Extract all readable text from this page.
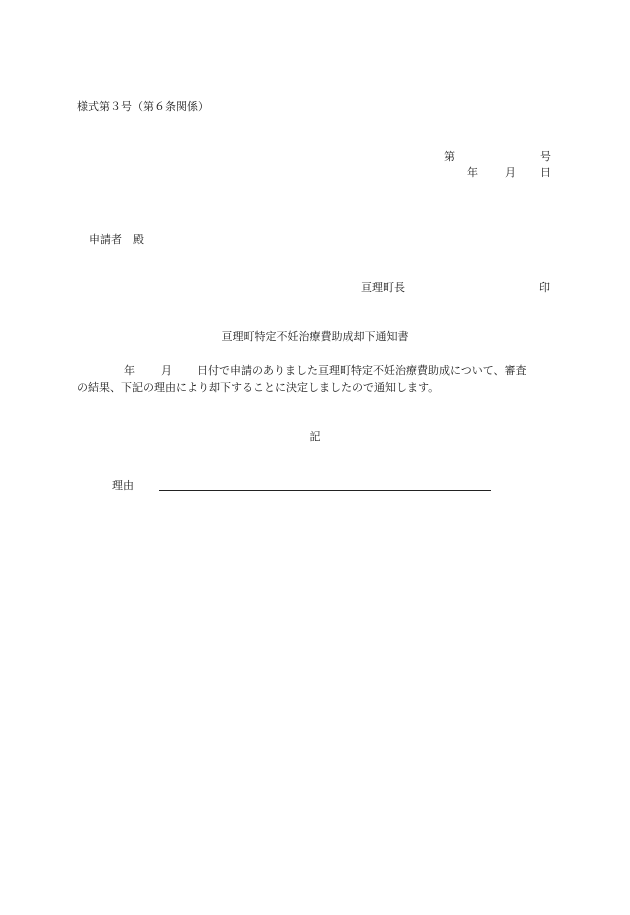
様式第３号（第６条関係）
第	号
年 月 日
申請者　殿
亘理町長	印
亘理町特定不妊治療費助成却下通知書
年 月 日付で申請のありました亘理町特定不妊治療費助成について、審査
の結果、下記の理由により却下することに決定しましたので通知します。
記
理由
